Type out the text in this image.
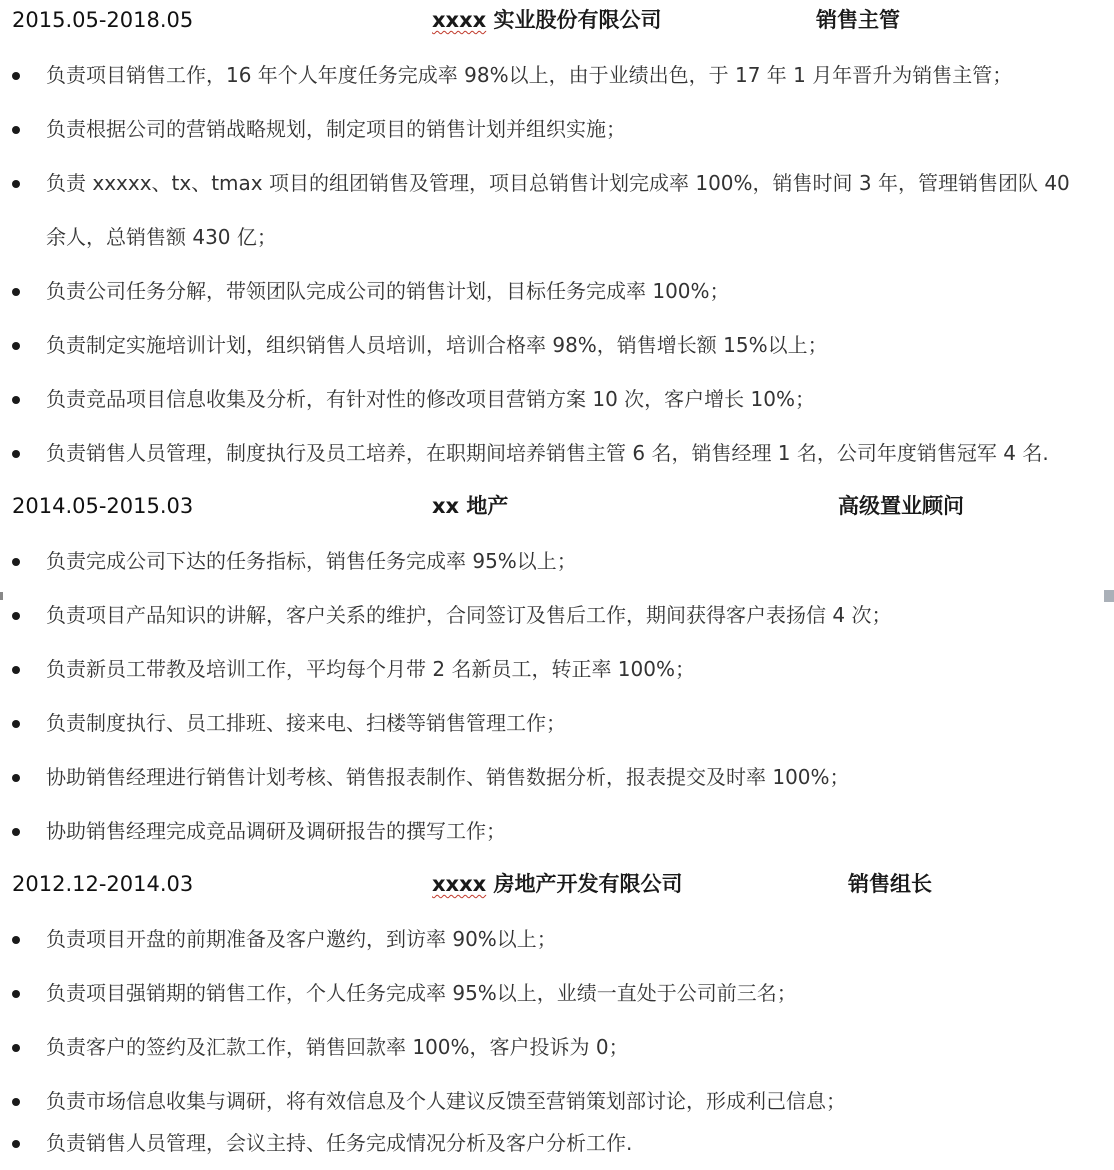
2015.05-2018.05	xxxx 实业股份有限公司	销售主管
负责项目销售工作，16 年个人年度任务完成率 98%以上，由于业绩出色，于 17 年 1 月年晋升为销售主管；
负责根据公司的营销战略规划，制定项目的销售计划并组织实施；
负责 xxxxx、tx、tmax 项目的组团销售及管理，项目总销售计划完成率 100%，销售时间 3 年，管理销售团队 40
余人，总销售额 430 亿；
负责公司任务分解，带领团队完成公司的销售计划，目标任务完成率 100%；
负责制定实施培训计划，组织销售人员培训，培训合格率 98%，销售增长额 15%以上；
负责竞品项目信息收集及分析，有针对性的修改项目营销方案 10 次，客户增长 10%；
负责销售人员管理，制度执行及员工培养，在职期间培养销售主管 6 名，销售经理 1 名，公司年度销售冠军 4 名.
2014.05-2015.03	xx 地产	高级置业顾问
负责完成公司下达的任务指标，销售任务完成率 95%以上；
负责项目产品知识的讲解，客户关系的维护，合同签订及售后工作，期间获得客户表扬信 4 次；
负责新员工带教及培训工作，平均每个月带 2 名新员工，转正率 100%；
负责制度执行、员工排班、接来电、扫楼等销售管理工作；
协助销售经理进行销售计划考核、销售报表制作、销售数据分析，报表提交及时率 100%；
协助销售经理完成竞品调研及调研报告的撰写工作；
2012.12-2014.03	xxxx 房地产开发有限公司	销售组长
负责项目开盘的前期准备及客户邀约，到访率 90%以上；
负责项目强销期的销售工作，个人任务完成率 95%以上，业绩一直处于公司前三名；
负责客户的签约及汇款工作，销售回款率 100%，客户投诉为 0；
负责市场信息收集与调研，将有效信息及个人建议反馈至营销策划部讨论，形成利己信息；
负责销售人员管理，会议主持、任务完成情况分析及客户分析工作.
